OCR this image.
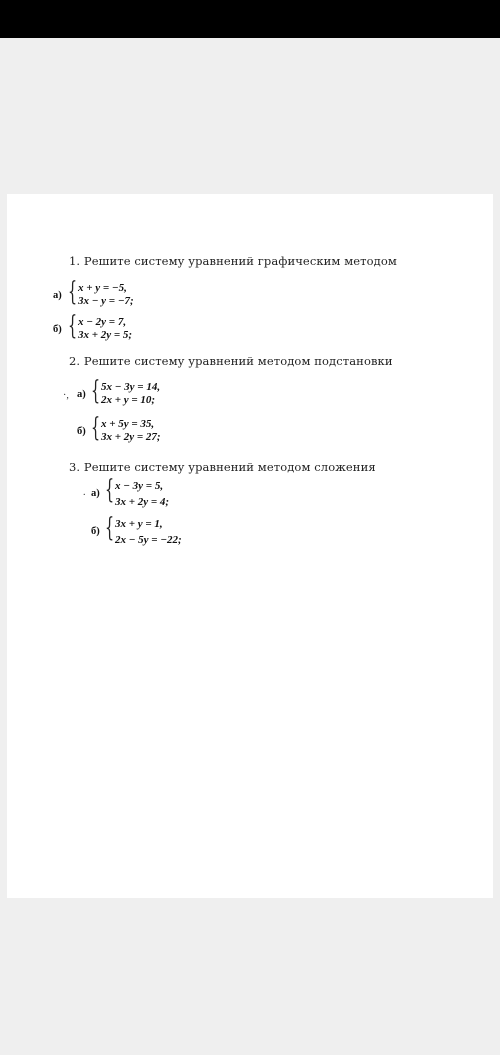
1. Решите систему уравнений графическим методом
а) { x + y = −5,
3x − y = −7;
б) { x − 2y = 7,
3x + 2y = 5;
2. Решите систему уравнений методом подстановки
·, а) { 5x − 3y = 14,
2x + y = 10;
б) { x + 5y = 35,
3x + 2y = 27;
3. Решите систему уравнений методом сложения
. а) { x − 3y = 5,
3x + 2y = 4;
б) { 3x + y = 1,
2x − 5y = −22;
